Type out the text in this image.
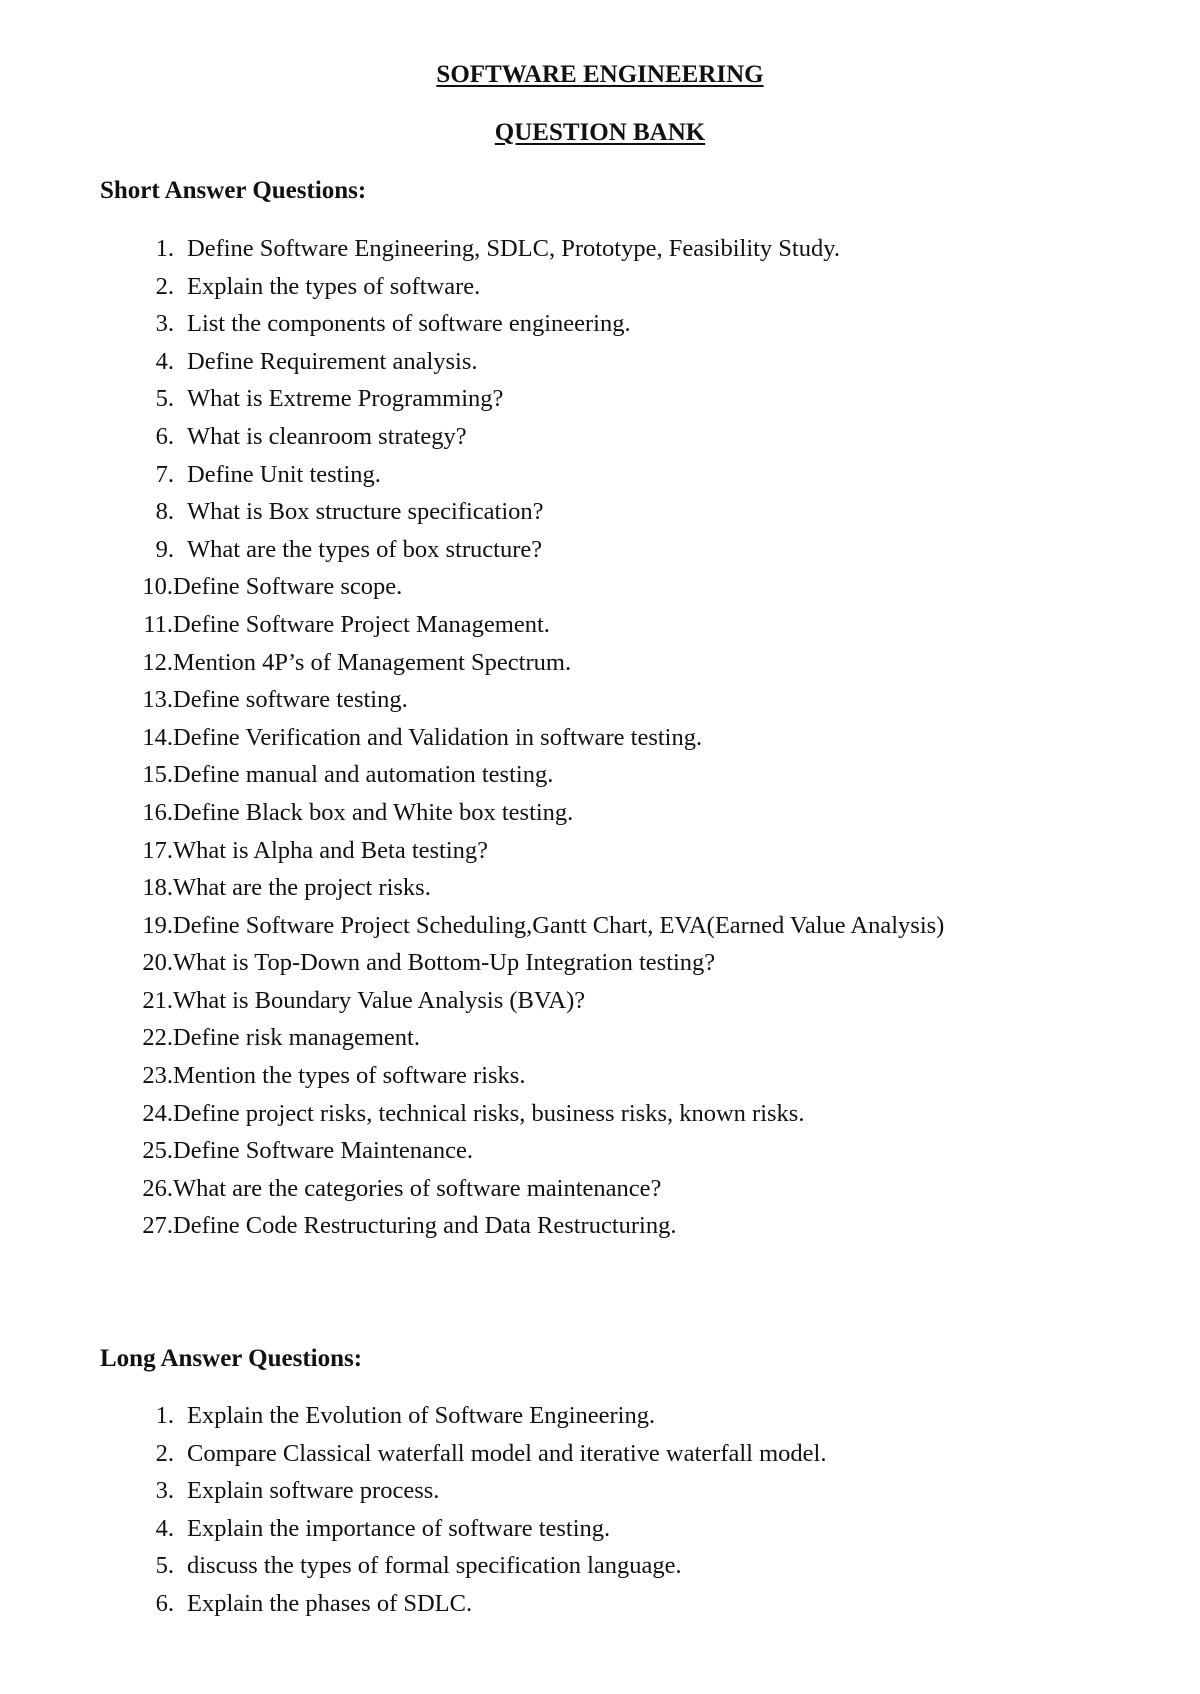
SOFTWARE ENGINEERING
QUESTION BANK
Short Answer Questions:
1. Define Software Engineering, SDLC, Prototype, Feasibility Study.
2. Explain the types of software.
3. List the components of software engineering.
4. Define Requirement analysis.
5. What is Extreme Programming?
6. What is cleanroom strategy?
7. Define Unit testing.
8. What is Box structure specification?
9. What are the types of box structure?
10.Define Software scope.
11.Define Software Project Management.
12.Mention 4P’s of Management Spectrum.
13.Define software testing.
14.Define Verification and Validation in software testing.
15.Define manual and automation testing.
16.Define Black box and White box testing.
17.What is Alpha and Beta testing?
18.What are the project risks.
19.Define Software Project Scheduling,Gantt Chart, EVA(Earned Value Analysis)
20.What is Top-Down and Bottom-Up Integration testing?
21.What is Boundary Value Analysis (BVA)?
22.Define risk management.
23.Mention the types of software risks.
24.Define project risks, technical risks, business risks, known risks.
25.Define Software Maintenance.
26.What are the categories of software maintenance?
27.Define Code Restructuring and Data Restructuring.
Long Answer Questions:
1. Explain the Evolution of Software Engineering.
2. Compare Classical waterfall model and iterative waterfall model.
3. Explain software process.
4. Explain the importance of software testing.
5. discuss the types of formal specification language.
6. Explain the phases of SDLC.
